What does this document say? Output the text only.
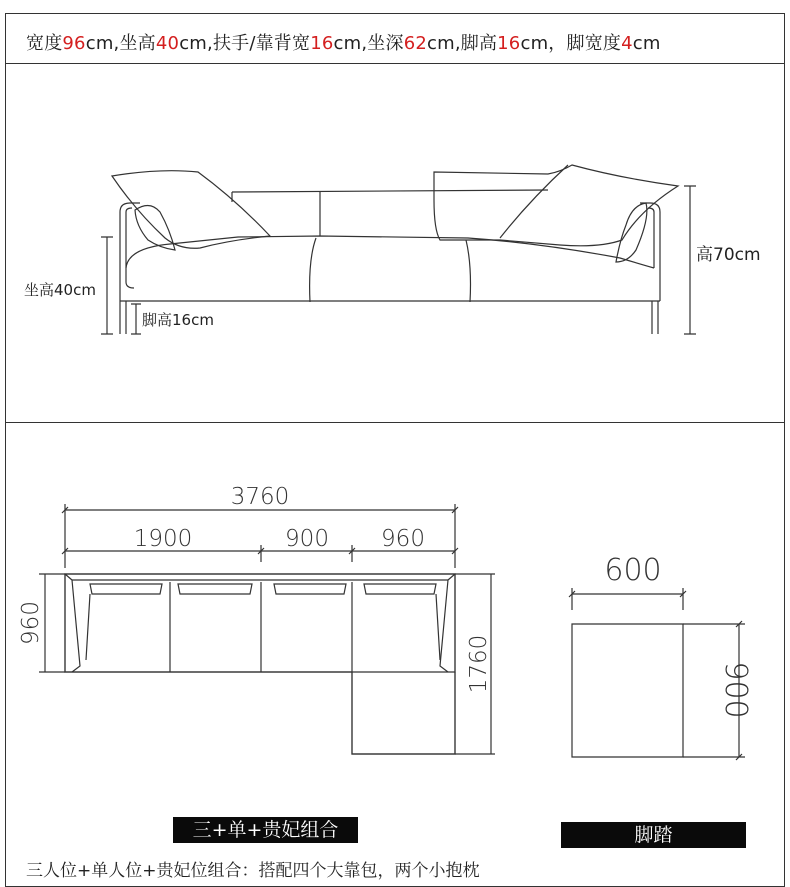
宽度96cm,坐高40cm,扶手/靠背宽16cm,坐深62cm,脚高16cm，脚宽度4cm
坐高40cm
脚高16cm
高70cm
3760
1900	900 960
960
1760
600
900
三+单+贵妃组合	脚踏
三人位+单人位+贵妃位组合：搭配四个大靠包，两个小抱枕
